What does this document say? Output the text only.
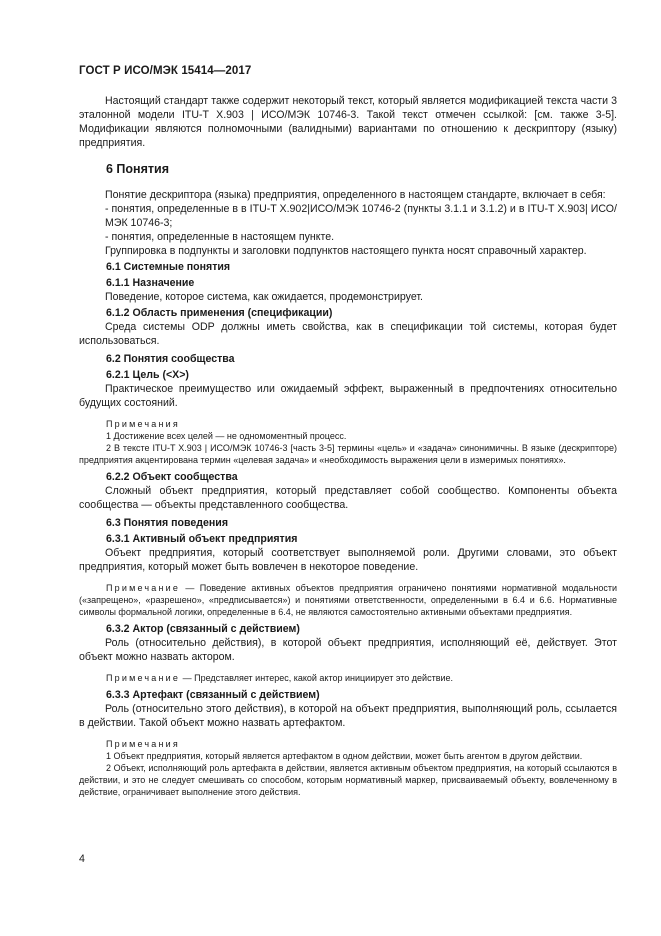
ГОСТ Р ИСО/МЭК 15414—2017

Настоящий стандарт также содержит некоторый текст, который является модификацией текста части 3 эталонной модели ITU-T X.903 | ИСО/МЭК 10746-3. Такой текст отмечен ссылкой: [см. также 3-5]. Модификации являются полномочными (валидными) вариантами по отношению к дескриптору (языку) предприятия.

6 Понятия

Понятие дескриптора (языка) предприятия, определенного в настоящем стандарте, включает в себя:

- понятия, определенные в в ITU-T X.902|ИСО/МЭК 10746-2 (пункты 3.1.1 и 3.1.2) и в ITU-T X.903| ИСО/МЭК 10746-3;

- понятия, определенные в настоящем пункте.

Группировка в подпункты и заголовки подпунктов настоящего пункта носят справочный характер.

6.1 Системные понятия
6.1.1 Назначение

Поведение, которое система, как ожидается, продемонстрирует.

6.1.2 Область применения (спецификации)

Среда системы ODP должны иметь свойства, как в спецификации той системы, которая будет использоваться.

6.2 Понятия сообщества
6.2.1 Цель (<X>)

Практическое преимущество или ожидаемый эффект, выраженный в предпочтениях относительно будущих состояний.

Примечания

1 Достижение всех целей — не одномоментный процесс.

2 В тексте ITU-T X.903 | ИСО/МЭК 10746-3 [часть 3-5] термины «цель» и «задача» синонимичны. В языке (дескрипторе) предприятия акцентирована термин «целевая задача» и «необходимость выражения цели в измеримых понятиях».

6.2.2 Объект сообщества

Сложный объект предприятия, который представляет собой сообщество. Компоненты объекта сообщества — объекты представленного сообщества.

6.3 Понятия поведения
6.3.1 Активный объект предприятия

Объект предприятия, который соответствует выполняемой роли. Другими словами, это объект предприятия, который может быть вовлечен в некоторое поведение.

Примечание — Поведение активных объектов предприятия ограничено понятиями нормативной модальности («запрещено», «разрешено», «предписывается») и понятиями ответственности, определенными в 6.4 и 6.6. Нормативные символы формальной логики, определенные в 6.4, не являются самостоятельно активными объектами предприятия.

6.3.2 Актор (связанный с действием)

Роль (относительно действия), в которой объект предприятия, исполняющий её, действует. Этот объект можно назвать актором.

Примечание — Представляет интерес, какой актор инициирует это действие.

6.3.3 Артефакт (связанный с действием)

Роль (относительно этого действия), в которой на объект предприятия, выполняющий роль, ссылается в действии. Такой объект можно назвать артефактом.

Примечания

1 Объект предприятия, который является артефактом в одном действии, может быть агентом в другом действии.

2 Объект, исполняющий роль артефакта в действии, является активным объектом предприятия, на который ссылаются в действии, и это не следует смешивать со способом, которым нормативный маркер, присваиваемый объекту, вовлеченному в действие, ограничивает выполнение этого действия.

4
